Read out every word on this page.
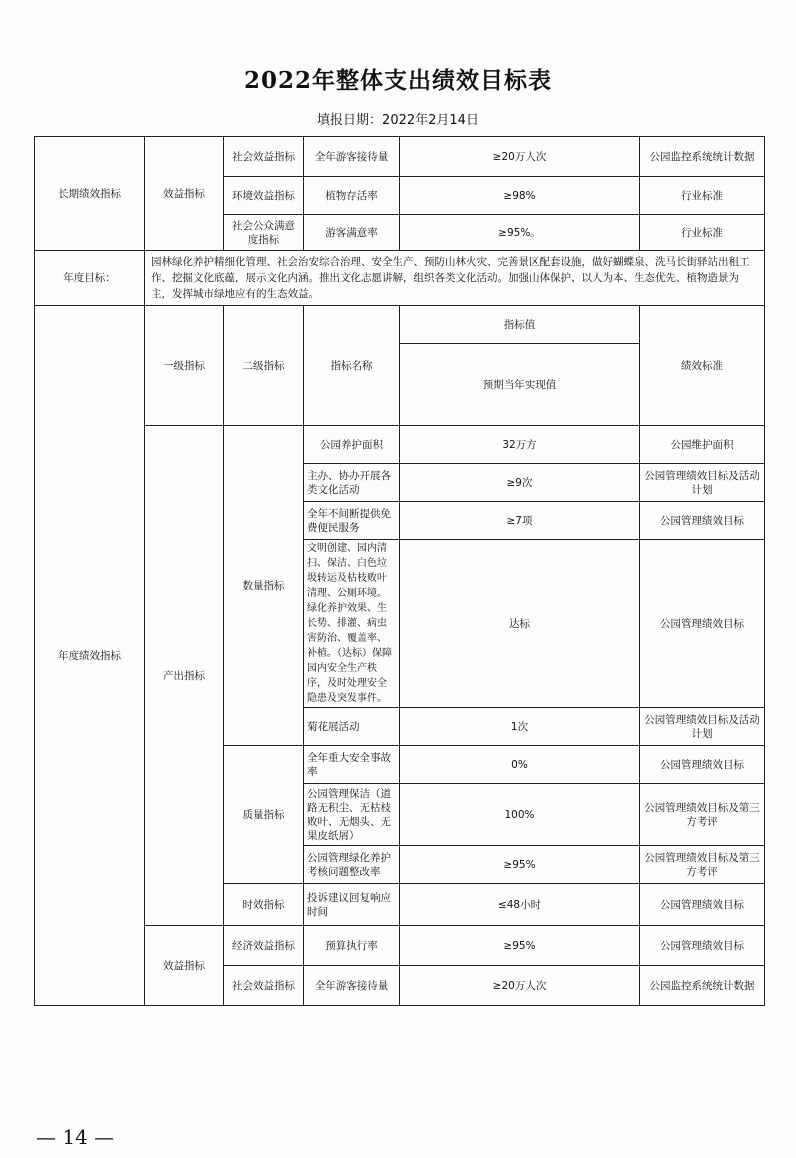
2022年整体支出绩效目标表
填报日期：2022年2月14日
长期绩效指标	效益指标	社会效益指标	全年游客接待量	≥20万人次	公园监控系统统计数据
		环境效益指标	植物存活率	≥98%	行业标准
		社会公众满意度指标	游客满意率	≥95%。	行业标准
年度目标：	园林绿化养护精细化管理、社会治安综合治理、安全生产、预防山林火灾、完善景区配套设施，做好蝴蝶泉、洗马长街驿站出租工作、挖掘文化底蕴，展示文化内涵。推出文化志愿讲解，组织各类文化活动。加强山体保护、以人为本、生态优先、植物造景为主，发挥城市绿地应有的生态效益。				
年度绩效指标	一级指标	二级指标	指标名称	指标值	绩效标准
				预期当年实现值	
	产出指标	数量指标	公园养护面积	32万方	公园维护面积
			主办、协办开展各类文化活动	≥9次	公园管理绩效目标及活动计划
			全年不间断提供免费便民服务	≥7项	公园管理绩效目标
			文明创建、园内清扫、保洁、白色垃圾转运及枯枝败叶清理、公厕环境。绿化养护效果、生长势、排灌、病虫害防治、覆盖率、补植。（达标）保障园内安全生产秩序，及时处理安全隐患及突发事件。	达标	公园管理绩效目标
			菊花展活动	1次	公园管理绩效目标及活动计划
		质量指标	全年重大安全事故率	0%	公园管理绩效目标
			公园管理保洁（道路无积尘、无枯枝败叶、无烟头、无果皮纸屑）	100%	公园管理绩效目标及第三方考评
			公园管理绿化养护考核问题整改率	≥95%	公园管理绩效目标及第三方考评
		时效指标	投诉建议回复响应时间	≤48小时	公园管理绩效目标
	效益指标	经济效益指标	预算执行率	≥95%	公园管理绩效目标
		社会效益指标	全年游客接待量	≥20万人次	公园监控系统统计数据
— 14 —
